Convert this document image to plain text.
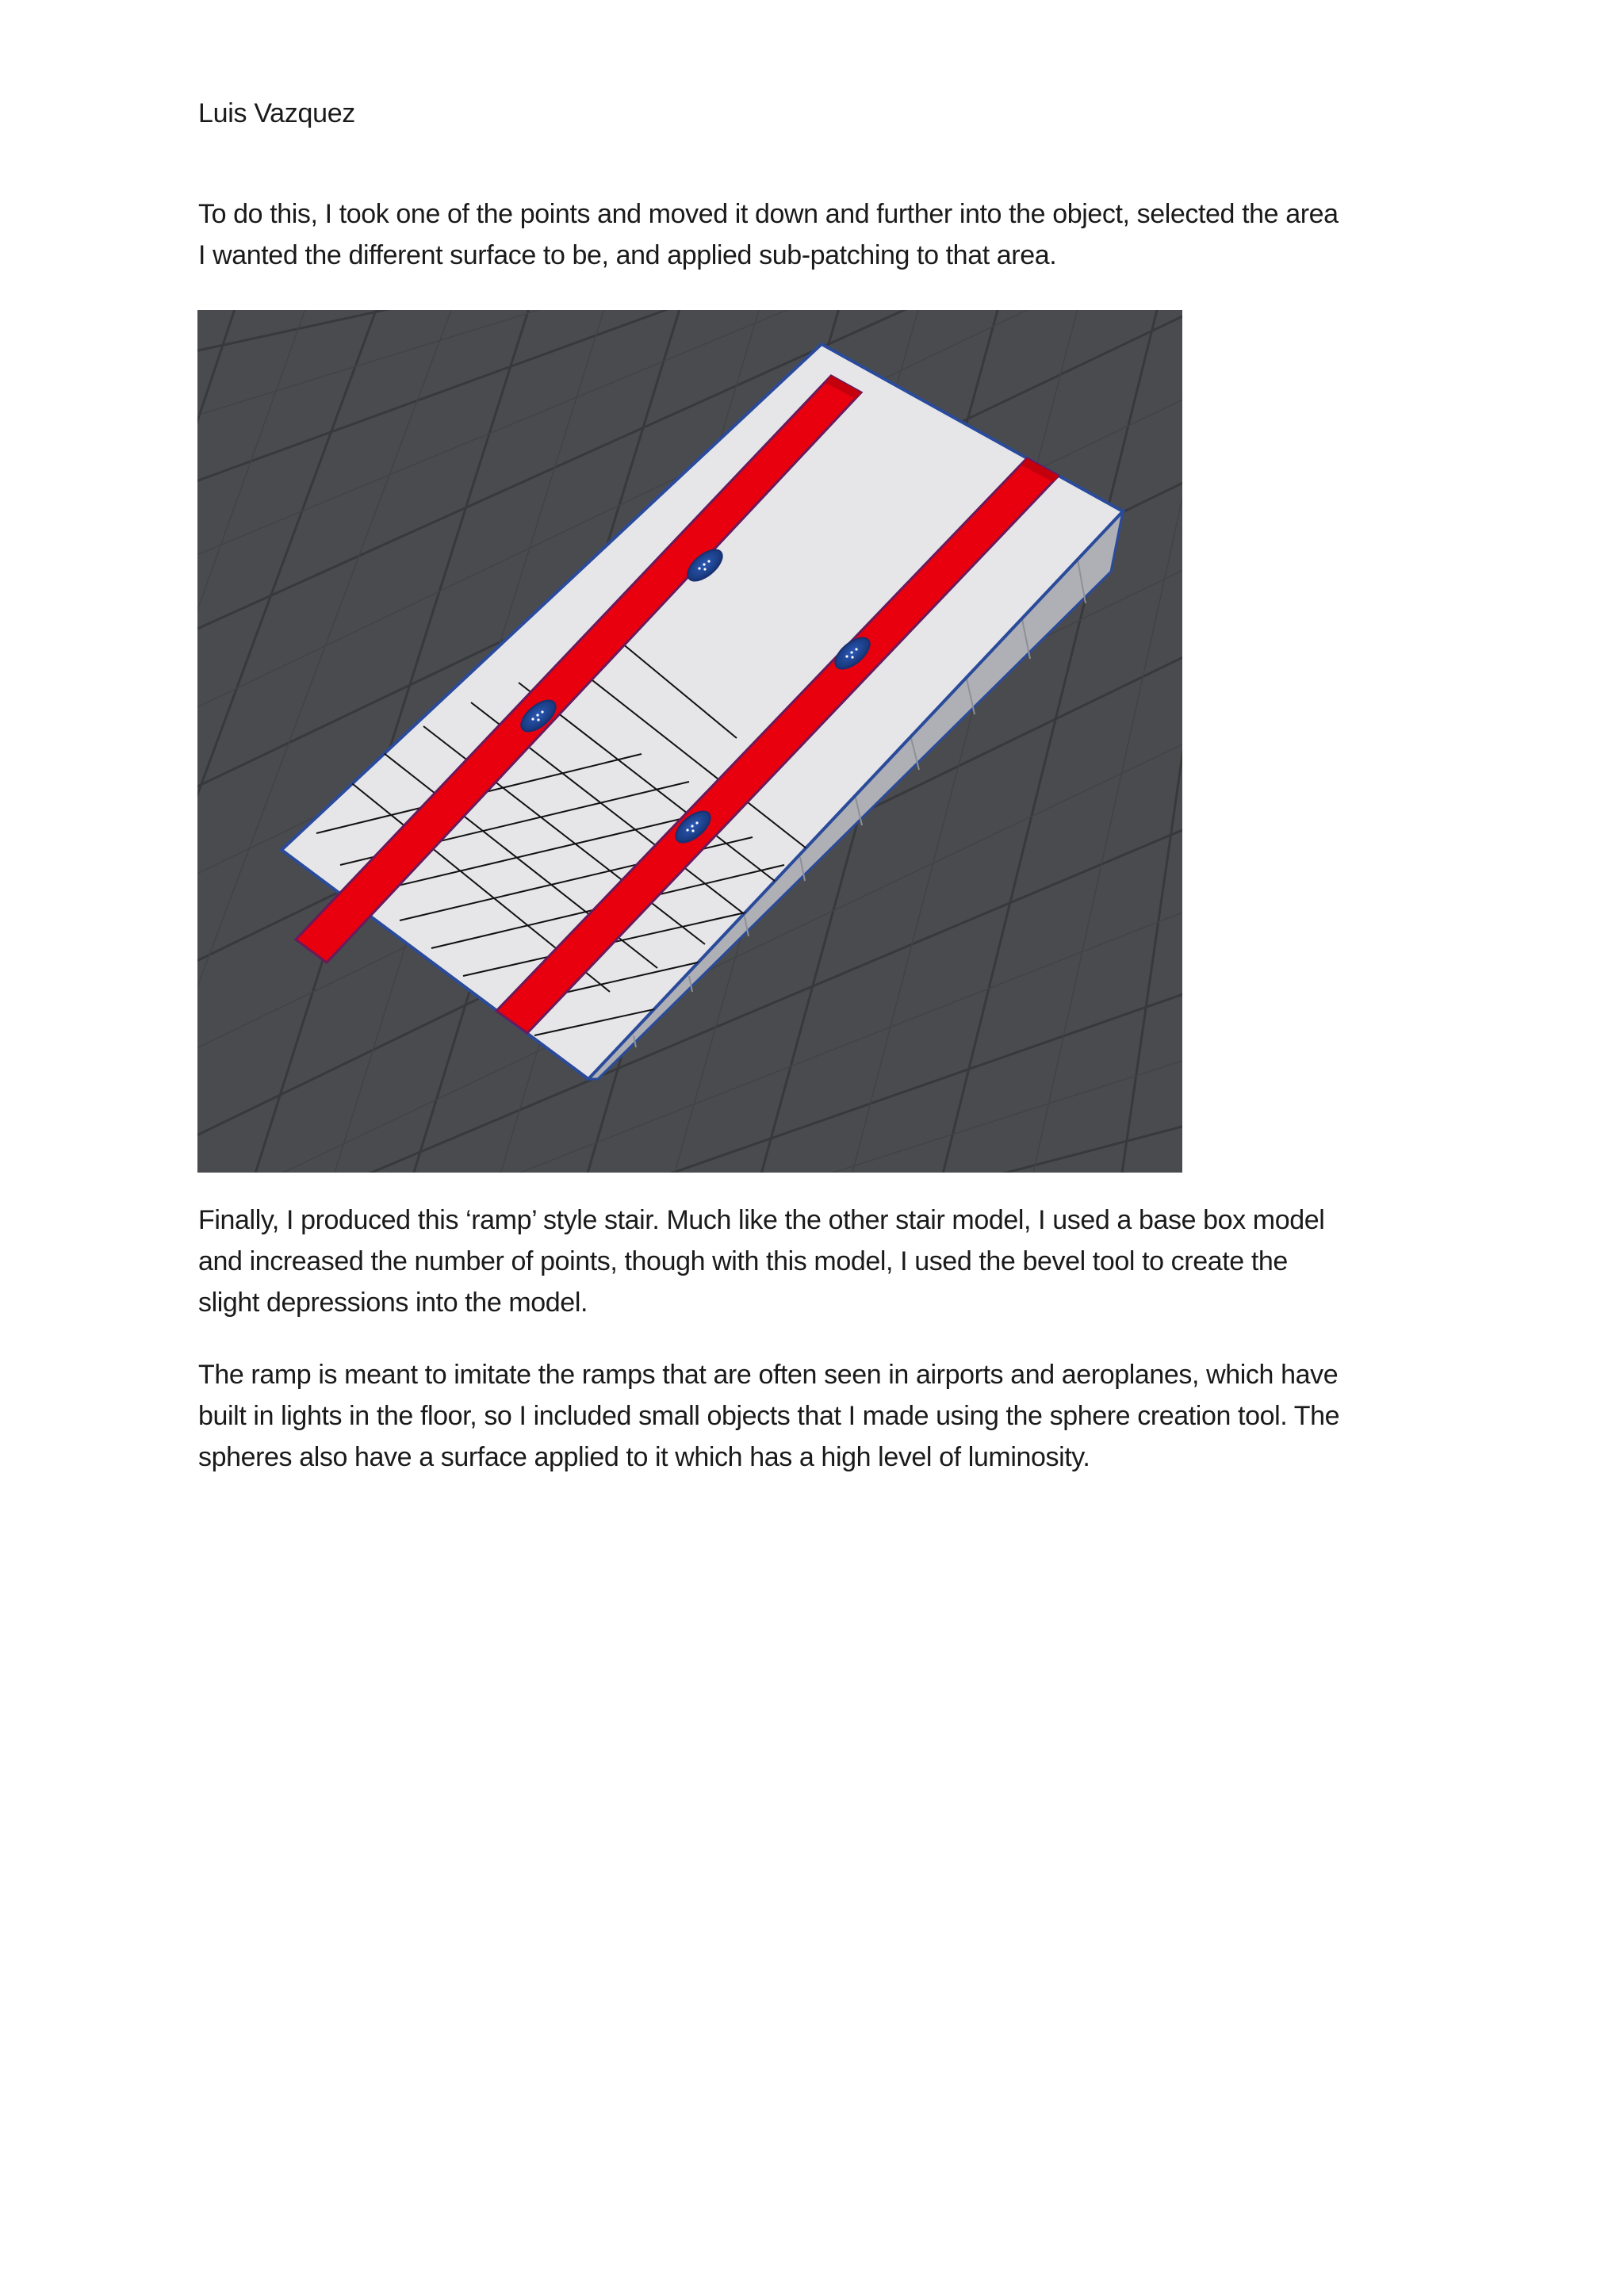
Luis Vazquez

To do this, I took one of the points and moved it down and further into the object, selected the area
I wanted the different surface to be, and applied sub-patching to that area.

Finally, I produced this ‘ramp’ style stair. Much like the other stair model, I used a base box model
and increased the number of points, though with this model, I used the bevel tool to create the
slight depressions into the model.

The ramp is meant to imitate the ramps that are often seen in airports and aeroplanes, which have
built in lights in the floor, so I included small objects that I made using the sphere creation tool. The
spheres also have a surface applied to it which has a high level of luminosity.
